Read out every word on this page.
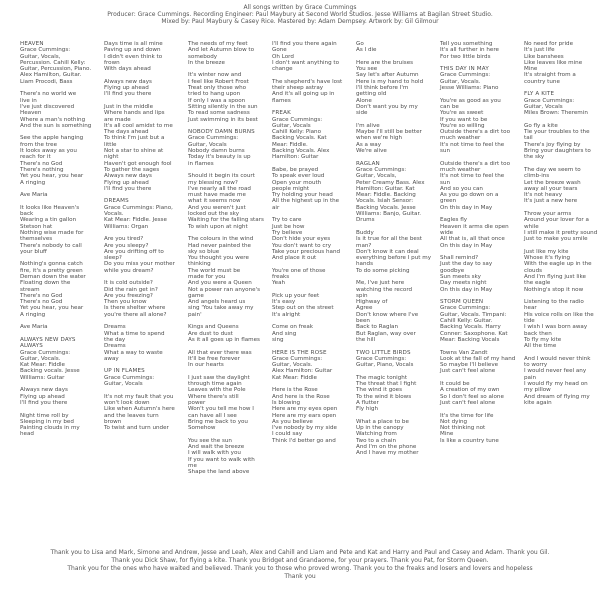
All songs written by Grace Cummings
Producer: Grace Cummings. Recording Engineer: Paul Maybury at Second World Studios. Jesse Williams at Bagilan Street Studio.
Mixed by: Paul Maybury & Casey Rice. Mastered by: Adam Dempsey. Artwork by: Gil Gilmour
HEAVEN
Grace Cummings:
Guitar, Vocals,
Percussion. Cahill Kelly:
Guitar, Percussion, Piano.
Alex Hamilton, Guitar.
Liam Procodi, Bass
There's no world we
live in
I've just discovered
Heaven
Where a man's nothing
And the sun is something
See the apple hanging
from the tree
It looks away as you
reach for it
There's no God
There's nothing
Yet you hear, you hear
A ringing
Ave Maria
It looks like Heaven's
back
Wearing a tin gallon
Stetson hat
Nothing wise made for
themselves
There's nobody to call
your bluff
Nothing's gonna catch
fire, it's a pretty green
Deman down the water
Floating down the
stream
There's no God
There's no God
Yet you hear, you hear
A ringing
Ave Maria
ALWAYS NEW DAYS
ALWAYS
Grace Cummings:
Guitar, Vocals.
Kat Mear: Fiddle
Backing vocals. Jesse
Williams: Guitar
Always new days
Flying up ahead
I'll find you there
Night time roll by
Sleeping in my bed
Painting clouds in my
head
Days time is all mine
Paving up and down
I didn't even think to
frown
With days ahead
Always new days
Flying up ahead
I'll find you there
Just in the middle
Where hands and lips
are made
It's all cool amidst to me
The days ahead
To think I'm just but a
little
Not a star to shine at
night
Haven't got enough fool
To gather the sages
Always new days
Flying up ahead
I'll find you there
DREAMS
Grace Cummings: Piano,
Vocals.
Kat Mear: Fiddle. Jesse
Williams: Organ
Are you tired?
Are you sleepy?
Are you drifting off to
sleep?
Do you miss your mother
while you dream?
It is cold outside?
Did the rain get in?
Are you freezing?
Then you know
Is there shelter where
you're there all alone?
Dreams
What a time to spend
the day
Dreams
What a way to waste
away
UP IN FLAMES
Grace Cummings:
Guitar, Vocals
It's not my fault that you
won't look down
Like when Autumn's here
and the leaves turn
brown
To twist and turn under
The needs of my feet
And let Autumn blow to
somebody
In the breeze
It's winter now and
I feel like Robert Frost
Treat only those who
tried to hang upon
If only I was a spoon
Sitting silently in the sun
To read some sadness
Just swimming in its best
NOBODY DAMN BURNS
Grace Cummings:
Guitar, Vocals
Nobody damn burns
Today it's beauty is up
in flames
Should it begin its court
my blessing now?
I've nearly all the road
must have made me
what it seems now
And you weren't just
locked out the sky
Waiting for the falling stars
To wish upon at night
The colours in the wind
Had never painted the
sky so blue
You thought you were
thinking
The world must be
made for you
And you were a Queen
Not a power ran anyone's
game
And angels heard us
sing 'You take away my
pain'
Kings and Queens
Are dust to dust
As it all goes up in flames
All that ever there was
It'll be free forever
In our hearts
I just saw the daylight
through time again
Leaves with the Pole
Where there's still
power
Won't you tell me how I
can have all I see
Bring me back to you
Somehow
You see the sun
And wait the breeze
I will walk with you
If you want to walk with
me
Shape the land above
I'll find you there again
Gone
Oh Lord
I don't want anything to
change
The shepherd's have lost
their sheep astray
And it's all going up in
flames
FREAK
Grace Cummings:
Guitar, Vocals
Cahill Kelly: Piano
Backing Vocals. Kat
Mear: Fiddle.
Backing Vocals. Alex
Hamilton: Guitar
Babe, be prayed
To speak ever loud
Open your mouth
people might
Try holding your head
All the highest up in the
air
Try to care
Just be how
Try believe
Don't hide your eyes
You don't want to cry
Take your precious hand
And place it out
You're one of those
freaks
Yeah
Pick up your feet
It's easy
Step out on the street
It's alright
Come on freak
And sing
sing
HERE IS THE ROSE
Grace Cummings:
Guitar, Vocals.
Alex Hamilton: Guitar
Kat Mear: Fiddle
Here is the Rose
And here is the Rose
Is blowing
Here are my eyes open
Here are my ears open
As you believe
I've nobody by my side
I could say
Think I'd better go and
Go
As I die
Here are the bruises
You see
Say let's after Autumn
Here is my hand to hold
I'll think before I'm
getting old
Alone
Don't want you by my
side
I'm alive
Maybe I'll still be better
when we're high
As a way
We're alive
RAGLAN
Grace Cummings:
Guitar, Vocals,
Peter Creamy Bass. Alex
Hamilton: Guitar. Kat
Mear: Fiddle. Backing
Vocals. Isiah Sensor:
Backing Vocals. Jesse
Williams: Banjo, Guitar.
Drums
Buddy
Is it true for all the best
man?
Don't know it can deal
everything before I put my
hands
To do some picking
Me, I've just here
watching the record
spin
Highway of
Agree
Don't know where I've
been
Back to Raglan
But Raglan, way over
the hill
TWO LITTLE BIRDS
Grace Cummings:
Guitar, Piano, Vocals
The magic tonight
The threat that I fight
The wind it goes
To the wind it blows
A flutter
Fly high
What a place to be
Up in the canopy
Watching from
Two to a chain
And I'm on the phone
And I have my mother
Tell you something
It's all further in here
For two little birds
THIS DAY IN MAY
Grace Cummings:
Guitar, Vocals.
Jesse Williams: Piano
You're as good as you
can be
You're as sweet
If you want to be
You're so willing
Outside there's a dirt too
much weather
It's not time to feel the
sun
Outside there's a dirt too
much weather
It's not time to feel the
sun
And so you can
As you go down on a
green
On this day in May
Eagles fly
Heaven it arms die open
wide
All that is, all that once
On this day in May
Shall remind?
Just the day to say
goodbye
Sun meets sky
Day meets night
On this day in May
STORM QUEEN
Grace Cummings:
Guitar, Vocals. Timpani:
Cahill Kelly: Guitar.
Backing Vocals. Harry
Conner: Saxophone. Kat
Mear: Backing Vocals
Towns Van Zandt
Look at the fall of my hand
So maybe I'll believe
Just can't feel alone
It could be
A creation of my own
So I don't feel so alone
Just can't feel alone
It's the time for life
Not dying
Not thinking not
Mine
Is like a country tune
No need for pride
It's just life
Like banshees
Like leaves like mine
Mine
It's straight from a
country tune
FLY A KITE
Grace Cummings:
Guitar, Vocals
Miles Brown: Theremin
Go fly a kite
Tie your troubles to the
tail
There's joy flying by
Bring your daughters to
the sky
The day we seem to
climb-ins
Let the breeze wash
away all your tears
It's not heavy
It's just a new here
Throw your arms
Around your lover for a
while
I still make it pretty sound
Just to make you smile
Just like my kite
Whose it's flying
With the eagle up in the
clouds
And I'm flying just like
the eagle
Nothing's stop it now
Listening to the radio
hear
His voice rolls on like the
tide
I wish I was born away
back then
To fly my kite
All the time
And I would never think
to worry
I would never feel any
pain
I would fly my head on
my pillow
And dream of flying my
kite again
Thank you to Lisa and Mark, Simone and Andrew, Jesse and Leah, Alex and Cahill and Liam and Pete and Kat and Harry and Paul and Casey and Adam. Thank you Gil.
Thank you Dick Shaw, for flying a kite. Thank you Bridget and Grandaome, for your prayers. Thank you Pat, for Storm Queen.
Thank you for the ones who have waited and believed. Thank you to those who proved wrong. Thank you to the freaks and losers and lovers and hopeless
Thank you
